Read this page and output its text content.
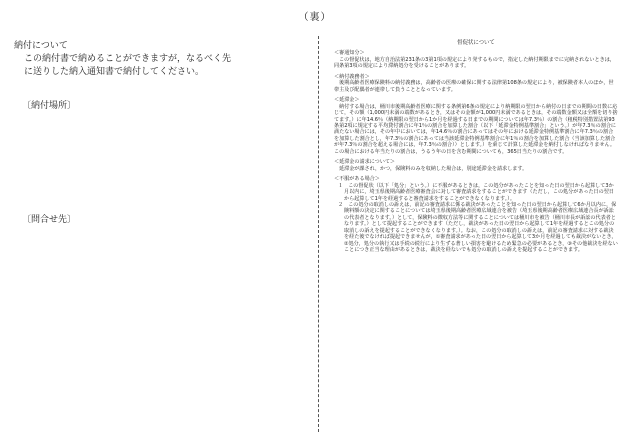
（裏）
納付について
この納付書で納めることができますが，なるべく先
に送りした納入通知書で納付してください。
〔納付場所〕
〔問合せ先〕
督促状について

＜審通知分＞

この督促状は，地方自治法第231条の3第1項の規定により発するもので，指定した納付期限までに完納されないときは，同条第3項の規定により滞納処分を受けることがあります。

＜納付義務者＞

後期高齢者医療保険料の納付義務は，高齢者の医療の確保に関する法律第108条の規定により，被保険者本人のほか，世帯主及び配偶者が連帯して負うこととなっています。

＜延滞金＞

納付する場合は，桶川市後期高齢者医療に関する条例第6条の規定により納期限の翌日から納付の日までの期間の日数に応じて，その額（1,000円未満の端数があるとき，又はその金額が1,000円未満であるときは，その端数金額又は全額を切り捨てます。）に年14.6％（納期限の翌日から1か月を経過する日までの期間については年7.3％）の割合（租税特別措置法第93条第2項に規定する平均貸付割合に年1％の割合を加算した割合（以下「延滞金特例基準割合」という。）が年7.3％の割合に満たない場合には，その年中においては，年14.6％の割合にあってはその年における延滞金特例基準割合に年7.3％の割合を加算した割合とし，年7.3％の割合にあっては当該延滞金特例基準割合に年1％の割合を加算した割合（当該加算した割合が年7.3％の割合を超える場合には，年7.3％の割合））とします。）を乗じて計算した延滞金を納付しなければなりません。この場合における年当たりの割合は，うるう年の日を含む期間についても，365日当たりの割合です。

＜延滞金の請求について＞

延滞金が課され，かつ，保険料のみを収納した場合は，別途延滞金を請求します。

＜不服がある場合＞

１　この督促状（以下「処分」という。）に不服があるときは，この処分があったことを知った日の翌日から起算して3か月以内に，埼玉県後期高齢者医療審査会に対して審査請求をすることができます（ただし，この処分があった日の翌日から起算して1年を経過すると審査請求をすることができなくなります。）。

２　この処分の取消しの訴えは，前記の審査請求に係る裁決があったことを知った日の翌日から起算して6か月以内に，保険料額の決定に関することについては埼玉県後期高齢者医療広域連合を被告（埼玉県後期高齢者医療広域連合長が訴訟の代表者となります。）として，保険料の徴収方法等に関することについては桶川市を被告（桶川市長が訴訟の代表者となります。）として提起することができます（ただし，裁決があった日の翌日から起算して1年を経過するとこの処分の取消しの訴えを提起することができなくなります。）。なお，この処分の取消しの訴えは，前記の審査請求に対する裁決を経た後でなければ提起できませんが，①審査請求があった日の翌日から起算して3か月を経過しても裁決がないとき，②処分，処分の執行又は手続の続行により生ずる著しい損害を避けるため緊急の必要があるとき，③その他裁決を経ないことにつき正当な理由があるときは，裁決を経ないでも処分の取消しの訴えを提起することができます。
